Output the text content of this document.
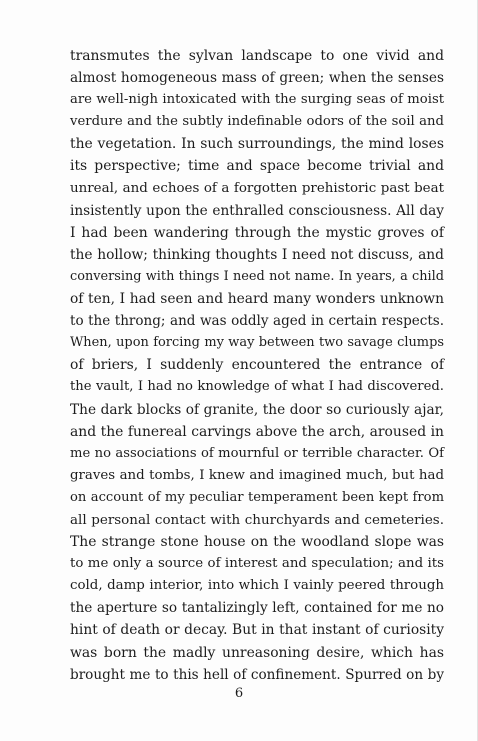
transmutes the sylvan landscape to one vivid and
almost homogeneous mass of green; when the senses
are well-nigh intoxicated with the surging seas of moist
verdure and the subtly indefinable odors of the soil and
the vegetation. In such surroundings, the mind loses
its perspective; time and space become trivial and
unreal, and echoes of a forgotten prehistoric past beat
insistently upon the enthralled consciousness. All day
I had been wandering through the mystic groves of
the hollow; thinking thoughts I need not discuss, and
conversing with things I need not name. In years, a child
of ten, I had seen and heard many wonders unknown
to the throng; and was oddly aged in certain respects.
When, upon forcing my way between two savage clumps
of briers, I suddenly encountered the entrance of
the vault, I had no knowledge of what I had discovered.
The dark blocks of granite, the door so curiously ajar,
and the funereal carvings above the arch, aroused in
me no associations of mournful or terrible character. Of
graves and tombs, I knew and imagined much, but had
on account of my peculiar temperament been kept from
all personal contact with churchyards and cemeteries.
The strange stone house on the woodland slope was
to me only a source of interest and speculation; and its
cold, damp interior, into which I vainly peered through
the aperture so tantalizingly left, contained for me no
hint of death or decay. But in that instant of curiosity
was born the madly unreasoning desire, which has
brought me to this hell of confinement. Spurred on by
6
